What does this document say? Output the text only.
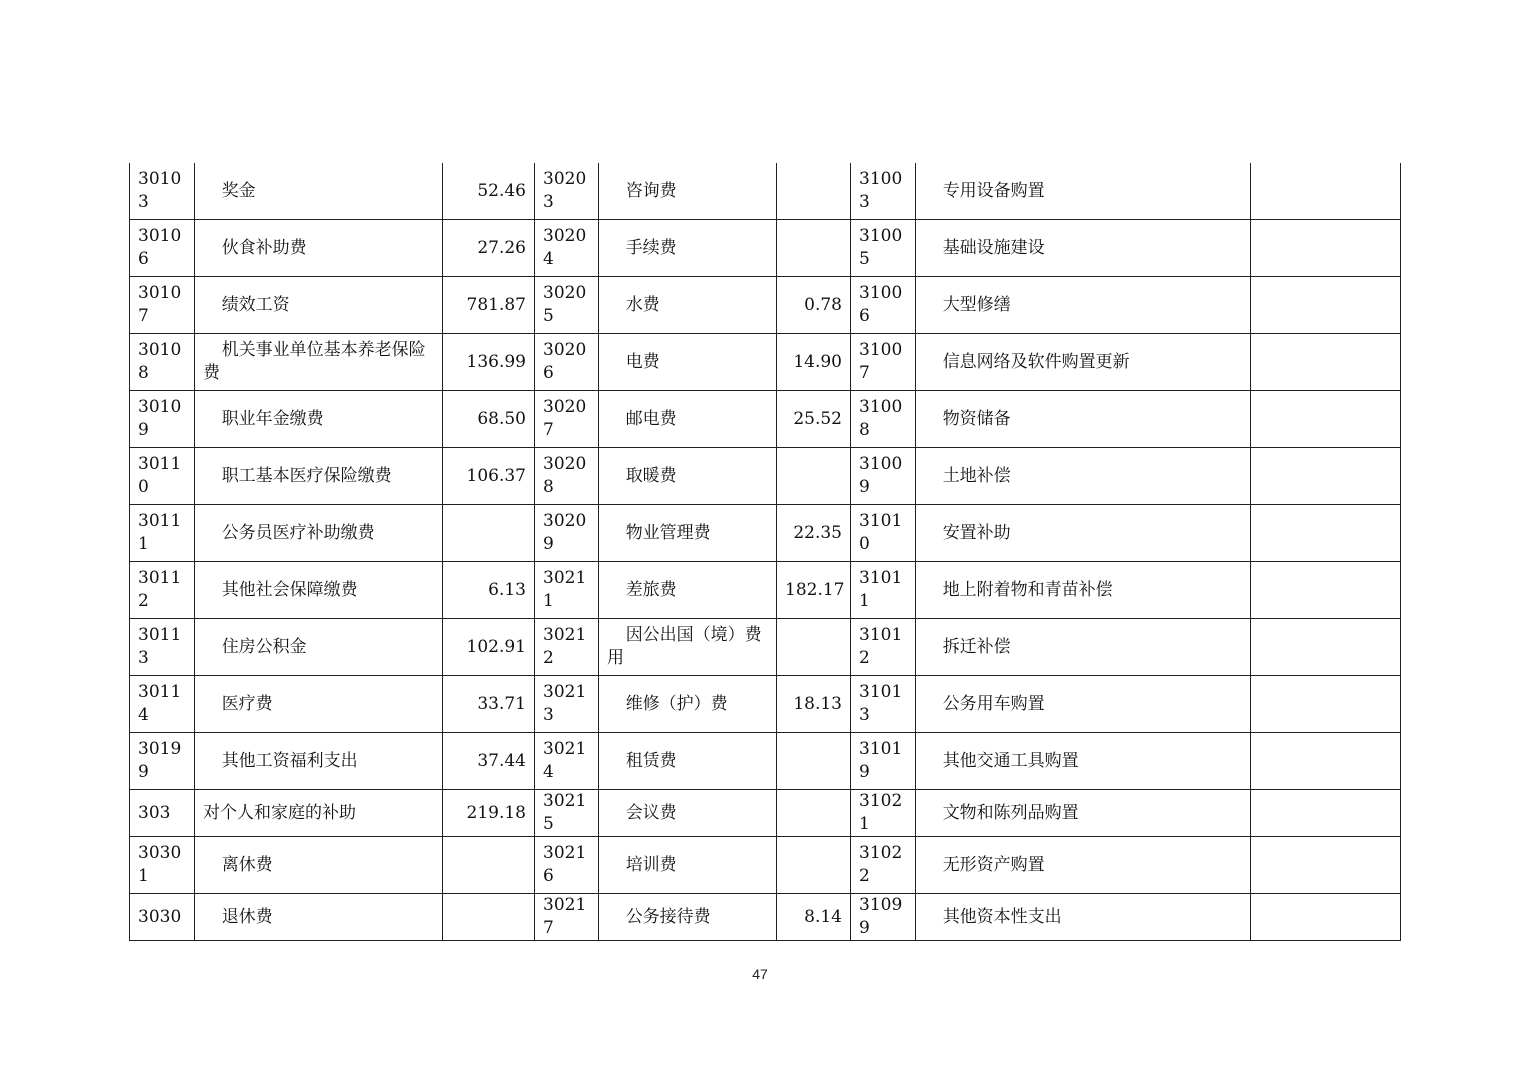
30103	奖金	52.46	30203	咨询费		31003	专用设备购置	

30106	伙食补助费	27.26	30204	手续费		31005	基础设施建设	

30107	绩效工资	781.87	30205	水费	0.78	31006	大型修缮	

30108	机关事业单位基本养老保险费	136.99	30206	电费	14.90	31007	信息网络及软件购置更新	

30109	职业年金缴费	68.50	30207	邮电费	25.52	31008	物资储备	

30110	职工基本医疗保险缴费	106.37	30208	取暖费		31009	土地补偿	

30111	公务员医疗补助缴费		30209	物业管理费	22.35	31010	安置补助	

30112	其他社会保障缴费	6.13	30211	差旅费	182.17	31011	地上附着物和青苗补偿	

30113	住房公积金	102.91	30212	因公出国（境）费用		31012	拆迁补偿	

30114	医疗费	33.71	30213	维修（护）费	18.13	31013	公务用车购置	

30199	其他工资福利支出	37.44	30214	租赁费		31019	其他交通工具购置	

303	对个人和家庭的补助	219.18	30215	会议费		31021	文物和陈列品购置	

30301	离休费		30216	培训费		31022	无形资产购置	

3030	退休费		30217	公务接待费	8.14	31099	其他资本性支出	

47
